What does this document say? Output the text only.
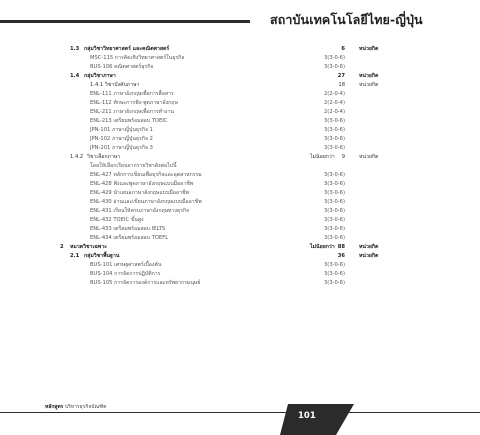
สถาบันเทคโนโลยีไทย-ญี่ปุ่น
1.3 กลุ่มวิชาวิทยาศาสตร์ และคณิตศาสตร์	6	หน่วยกิต
MSC-115 การคิดเชิงวิทยาศาสตร์ในธุรกิจ	3(3-0-6)
BUS-106 คณิตศาสตร์ธุรกิจ	3(3-0-6)
1.4 กลุ่มวิชาภาษา	27	หน่วยกิต
1.4.1 วิชาบังคับภาษา	18	หน่วยกิต
ENL-111 ภาษาอังกฤษเพื่อการสื่อสาร	2(2-0-4)
ENL-112 ทักษะการฟัง-พูดภาษาอังกฤษ	2(2-0-4)
ENL-211 ภาษาอังกฤษเพื่อการทำงาน	2(2-0-4)
ENL-213 เตรียมพร้อมสอบ TOEIC	3(3-0-6)
JPN-101 ภาษาญี่ปุ่นธุรกิจ 1	3(3-0-6)
JPN-102 ภาษาญี่ปุ่นธุรกิจ 2	3(3-0-6)
JPN-201 ภาษาญี่ปุ่นธุรกิจ 3	3(3-0-6)
1.4.2 วิชาเลือกภาษา	ไม่น้อยกว่า 9	หน่วยกิต
โดยให้เลือกเรียนจากรายวิชาดังต่อไปนี้
ENL-427 หลักการเขียนเพื่อธุรกิจและอุตสาหกรรม	3(3-0-6)
ENL-428 ฟังและพูดภาษาอังกฤษแบบมืออาชีพ	3(3-0-6)
ENL-429 นำเสนอภาษาอังกฤษแบบมืออาชีพ	3(3-0-6)
ENL-430 อ่านและเขียนภาษาอังกฤษแบบมืออาชีพ	3(3-0-6)
ENL-431 เรียนให้ครบภาษาอังกฤษทางธุรกิจ	3(3-0-6)
ENL-432 TOEIC ขั้นสูง	3(3-0-6)
ENL-433 เตรียมพร้อมสอบ IELTS	3(3-0-6)
ENL-434 เตรียมพร้อมสอบ TOEFL	3(3-0-6)
2 หมวดวิชาเฉพาะ	ไม่น้อยกว่า 88	หน่วยกิต
2.1 กลุ่มวิชาพื้นฐาน	36	หน่วยกิต
BUS-101 เศรษฐศาสตร์เบื้องต้น	3(3-0-6)
BUS-104 การจัดการปฏิบัติการ	3(3-0-6)
BUS-105 การจัดการองค์การและทรัพยากรมนุษย์	3(3-0-6)
หลักสูตร บริหารธุรกิจบัณฑิต
101
